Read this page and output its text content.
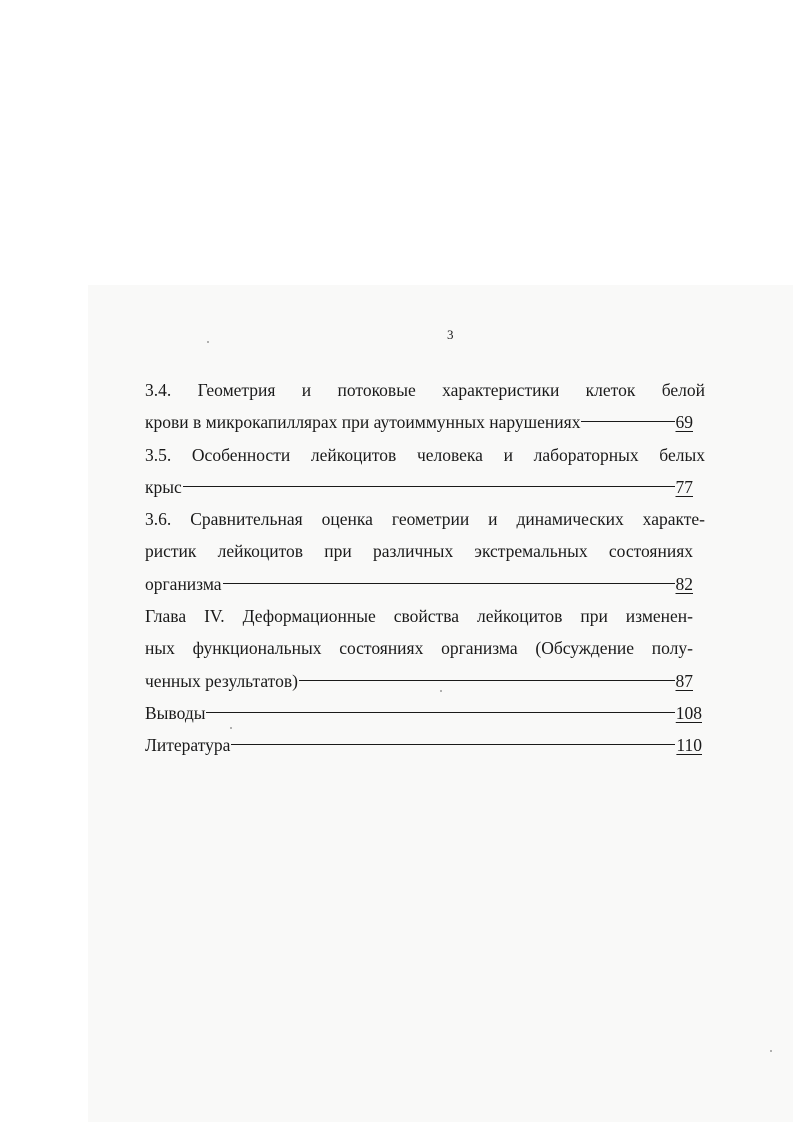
3
3.4. Геометрия и потоковые характеристики клеток белой
крови в микрокапиллярах при аутоиммунных нарушениях	69
3.5. Особенности лейкоцитов человека и лабораторных белых
крыс	77
3.6. Сравнительная оценка геометрии и динамических характе-
ристик лейкоцитов при различных экстремальных состояниях
организма	82
Глава IV. Деформационные свойства лейкоцитов при изменен-
ных функциональных состояниях организма (Обсуждение полу-
ченных результатов)	87
Выводы	108
Литература	110
